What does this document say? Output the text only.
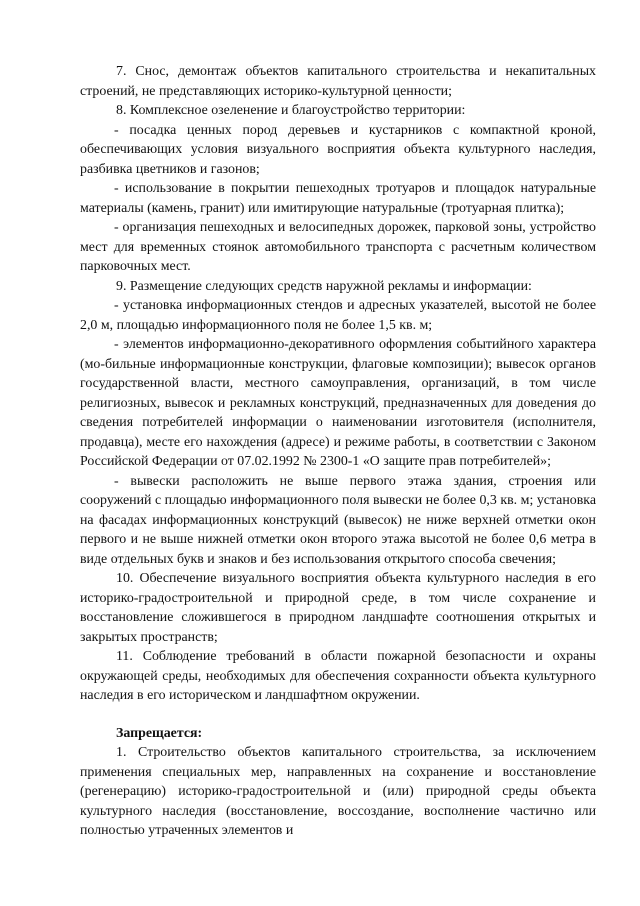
7. Снос, демонтаж объектов капитального строительства и некапитальных строений, не представляющих историко-культурной ценности;

8. Комплексное озеленение и благоустройство территории:

- посадка ценных пород деревьев и кустарников с компактной кроной, обеспечивающих условия визуального восприятия объекта культурного наследия, разбивка цветников и газонов;

- использование в покрытии пешеходных тротуаров и площадок натуральные материалы (камень, гранит) или имитирующие натуральные (тротуарная плитка);

- организация пешеходных и велосипедных дорожек, парковой зоны, устройство мест для временных стоянок автомобильного транспорта с расчетным количеством парковочных мест.

9. Размещение следующих средств наружной рекламы и информации:

- установка информационных стендов и адресных указателей, высотой не более 2,0 м, площадью информационного поля не более 1,5 кв. м;

- элементов информационно-декоративного оформления событийного характера (мо-бильные информационные конструкции, флаговые композиции); вывесок органов государственной власти, местного самоуправления, организаций, в том числе религиозных, вывесок и рекламных конструкций, предназначенных для доведения до сведения потребителей информации о наименовании изготовителя (исполнителя, продавца), месте его нахождения (адресе) и режиме работы, в соответствии с Законом Российской Федерации от 07.02.1992 № 2300-1 «О защите прав потребителей»;

- вывески расположить не выше первого этажа здания, строения или сооружений с площадью информационного поля вывески не более 0,3 кв. м; установка на фасадах информационных конструкций (вывесок) не ниже верхней отметки окон первого и не выше нижней отметки окон второго этажа высотой не более 0,6 метра в виде отдельных букв и знаков и без использования открытого способа свечения;

10. Обеспечение визуального восприятия объекта культурного наследия в его историко-градостроительной и природной среде, в том числе сохранение и восстановление сложившегося в природном ландшафте соотношения открытых и закрытых пространств;

11. Соблюдение требований в области пожарной безопасности и охраны окружающей среды, необходимых для обеспечения сохранности объекта культурного наследия в его историческом и ландшафтном окружении.

Запрещается:

1. Строительство объектов капитального строительства, за исключением применения специальных мер, направленных на сохранение и восстановление (регенерацию) историко-градостроительной и (или) природной среды объекта культурного наследия (восстановление, воссоздание, восполнение частично или полностью утраченных элементов и
